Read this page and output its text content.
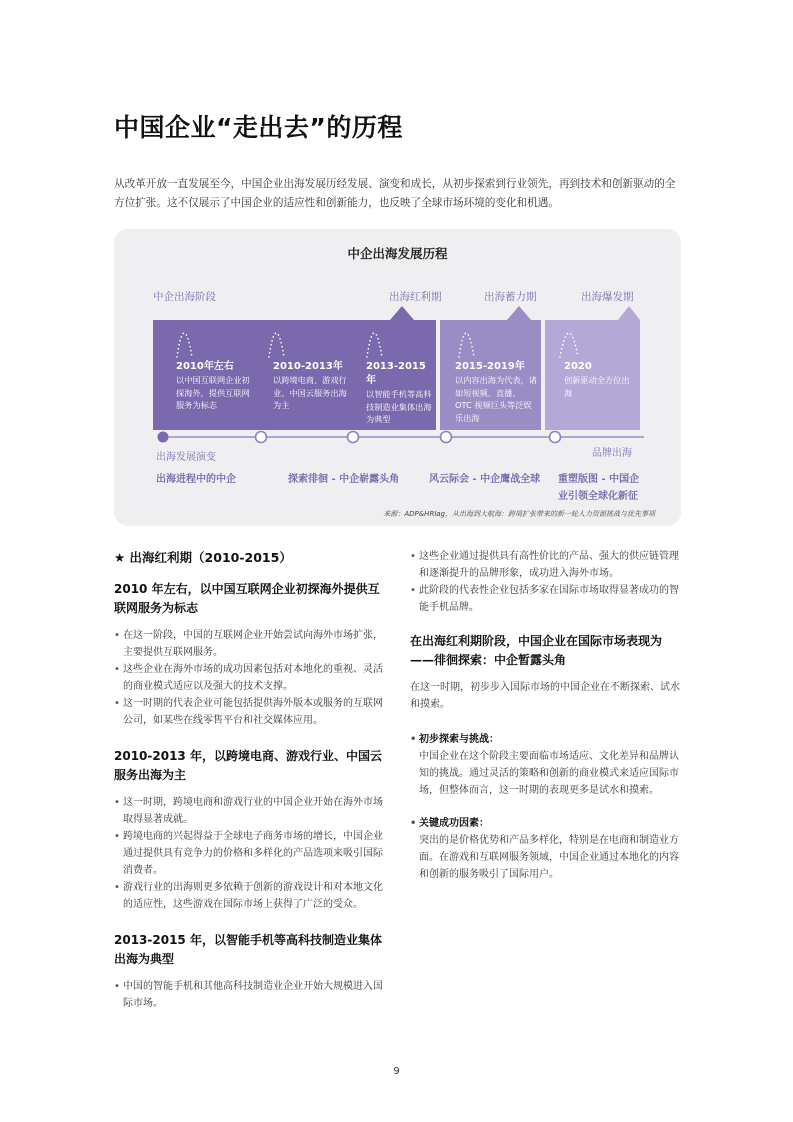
中国企业“走出去”的历程
从改革开放一直发展至今，中国企业出海发展历经发展、演变和成长，从初步探索到行业领先，再到技术和创新驱动的全方位扩张。这不仅展示了中国企业的适应性和创新能力，也反映了全球市场环境的变化和机遇。
中企出海发展历程
中企出海阶段	出海红利期	出海蓄力期	出海爆发期
2010年左右
以中国互联网企业初探海外，提供互联网服务为标志
2010-2013年
以跨境电商、游戏行业、中国云服务出海为主
2013-2015年
以智能手机等高科技制造业集体出海为典型
2015-2019年
以内容出海为代表，诸如短视频、直播、OTC 视频巨头等泛娱乐出海
2020
创新驱动全方位出海
出海发展演变	品牌出海
出海进程中的中企	探索徘徊 - 中企崭露头角	风云际会 - 中企鹰战全球 重塑版图 - 中国企
业引领全球化新征
来源：ADP&HRlag，从出海到大航海：跨境扩张带来的新一轮人力资源挑战与优先事项
★ 出海红利期（2010-2015）
2010 年左右，以中国互联网企业初探海外提供互联网服务为标志
• 在这一阶段，中国的互联网企业开始尝试向海外市场扩张，主要提供互联网服务。
• 这些企业在海外市场的成功因素包括对本地化的重视、灵活的商业模式适应以及强大的技术支撑。
• 这一时期的代表企业可能包括提供海外版本或服务的互联网公司，如某些在线零售平台和社交媒体应用。
2010-2013 年，以跨境电商、游戏行业、中国云服务出海为主
• 这一时期，跨境电商和游戏行业的中国企业开始在海外市场取得显著成就。
• 跨境电商的兴起得益于全球电子商务市场的增长，中国企业通过提供具有竞争力的价格和多样化的产品选项来吸引国际消费者。
• 游戏行业的出海则更多依赖于创新的游戏设计和对本地文化的适应性，这些游戏在国际市场上获得了广泛的受众。
2013-2015 年，以智能手机等高科技制造业集体出海为典型
• 中国的智能手机和其他高科技制造业企业开始大规模进入国际市场。
• 这些企业通过提供具有高性价比的产品、强大的供应链管理和逐渐提升的品牌形象，成功进入海外市场。
• 此阶段的代表性企业包括多家在国际市场取得显著成功的智能手机品牌。
在出海红利期阶段，中国企业在国际市场表现为——徘徊探索：中企暂露头角

在这一时期，初步步入国际市场的中国企业在不断探索、试水和摸索。

• 初步探索与挑战：
中国企业在这个阶段主要面临市场适应、文化差异和品牌认知的挑战。通过灵活的策略和创新的商业模式来适应国际市场，但整体而言，这一时期的表现更多是试水和摸索。
• 关键成功因素：
突出的是价格优势和产品多样化，特别是在电商和制造业方面。在游戏和互联网服务领域，中国企业通过本地化的内容和创新的服务吸引了国际用户。
9
